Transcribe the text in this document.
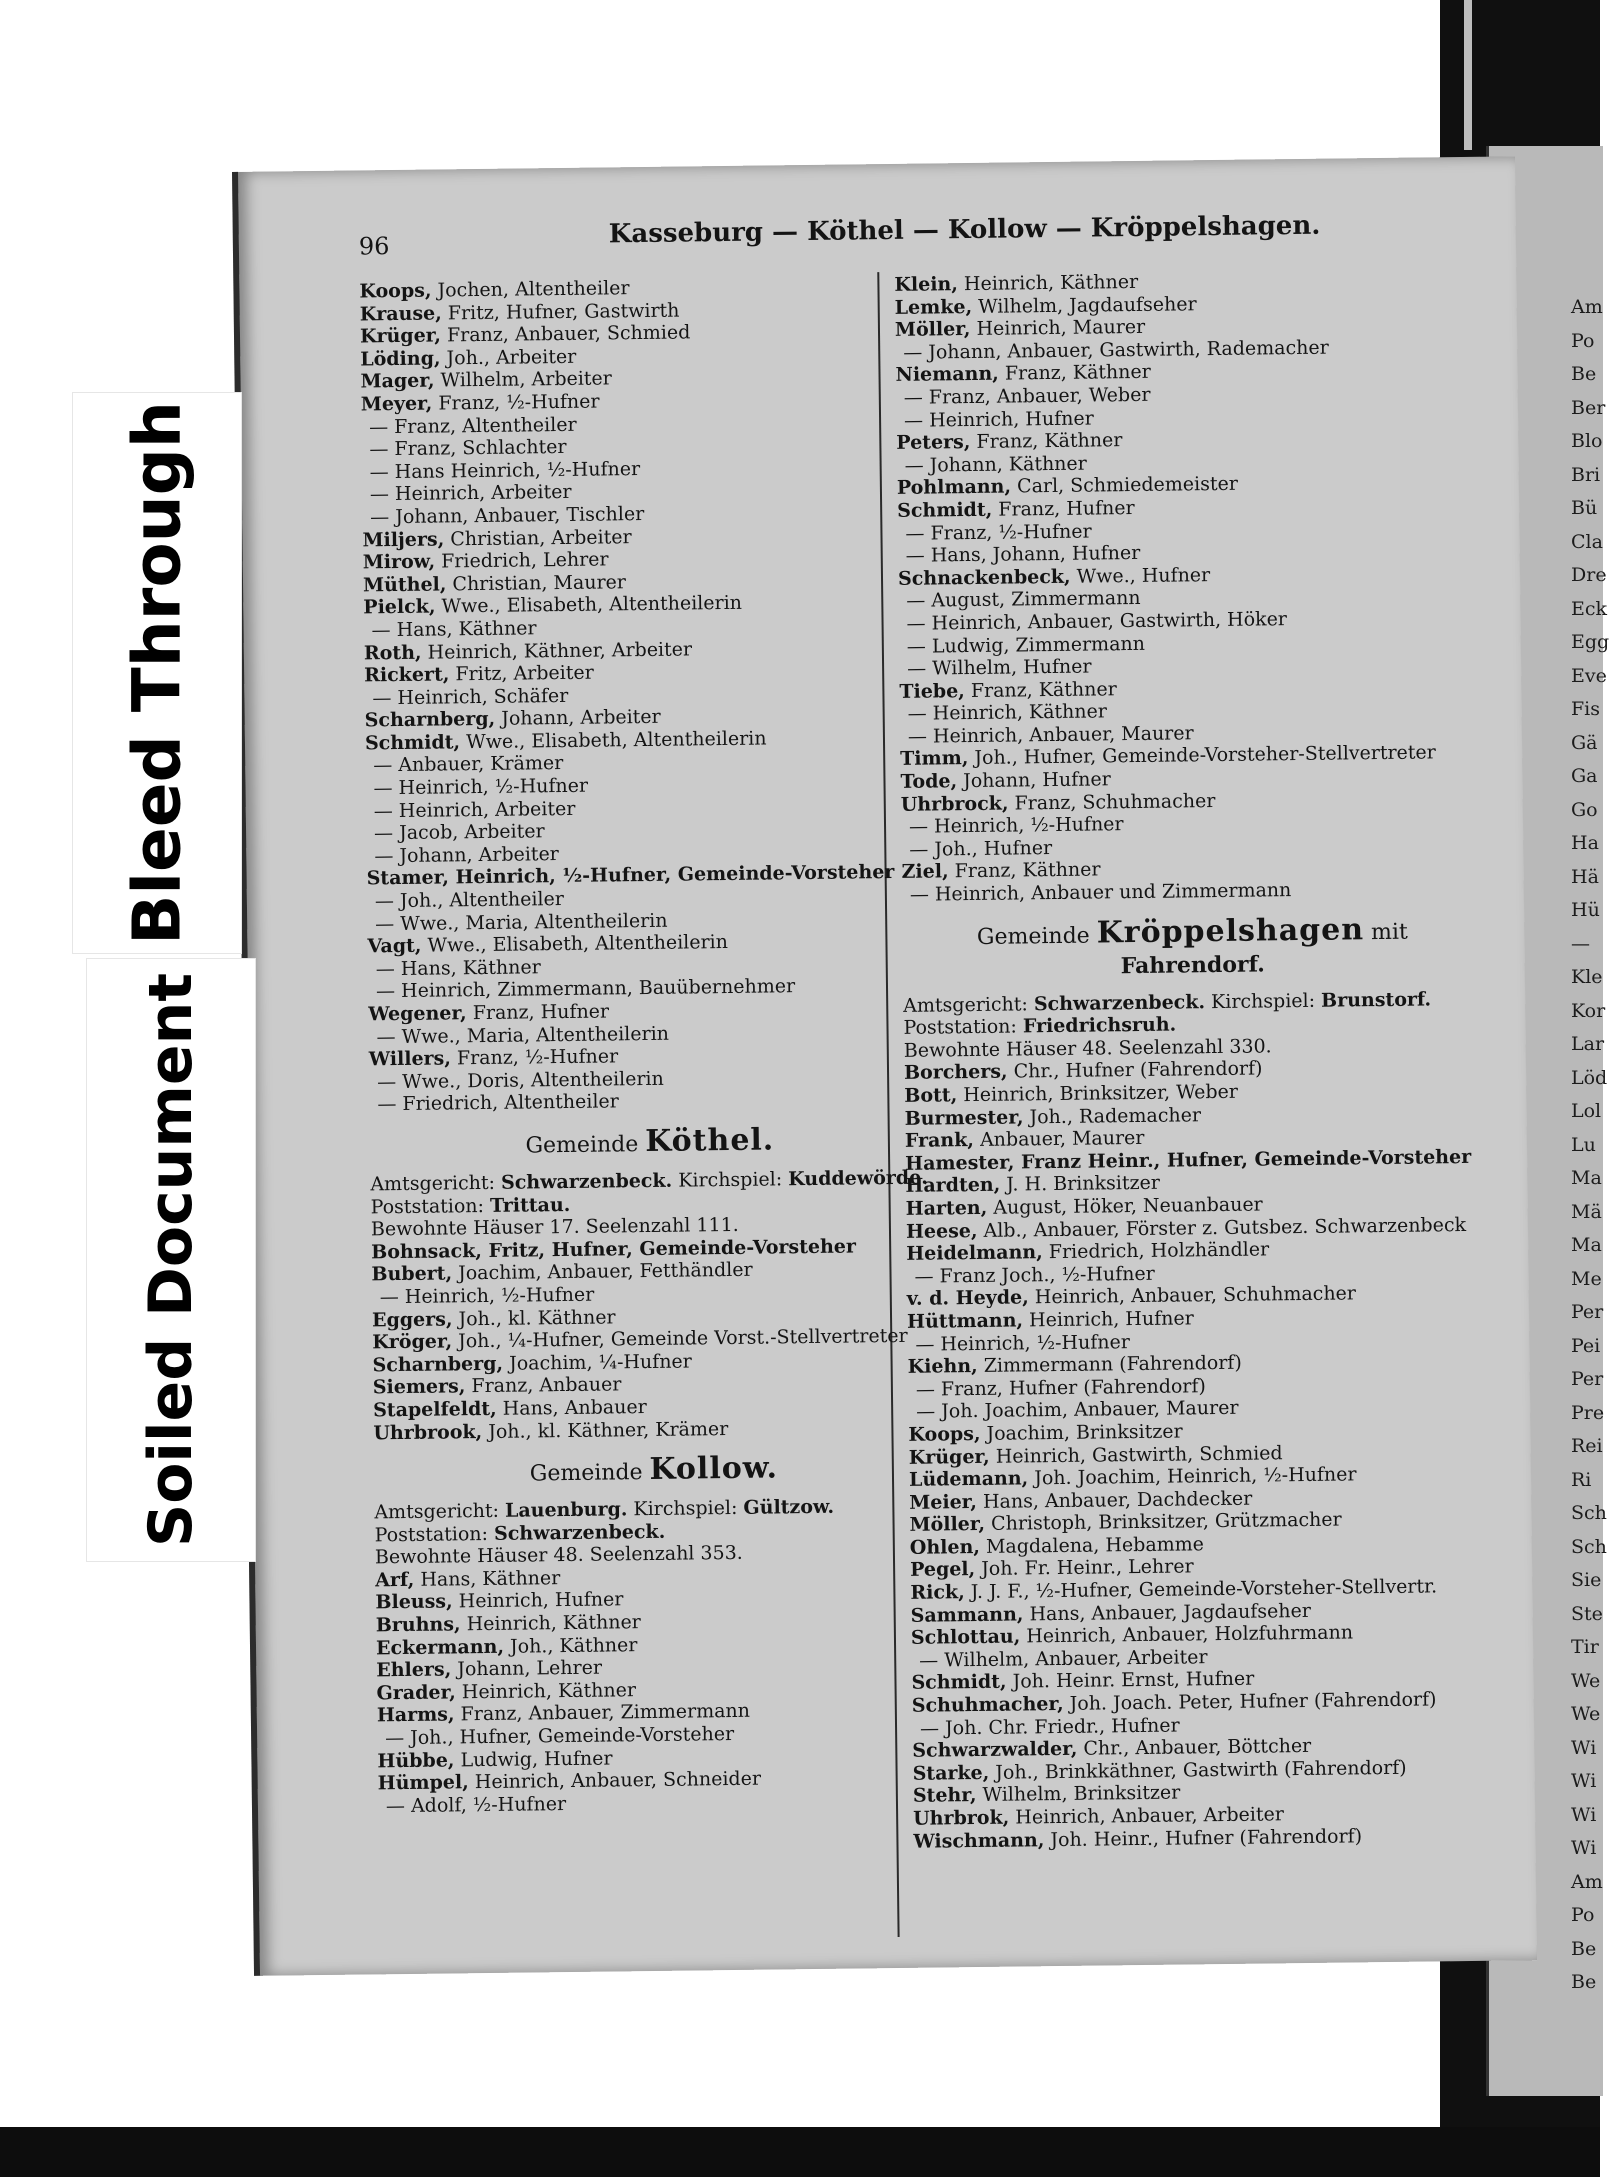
Am
Po
Be
Ber
Blo
Bri
Bü
Cla
Dre
Eck
Egg
Eve
Fis
Gä
Ga
Go
Ha
Hä
Hü
—
Kle
Kor
Lar
Löd
Lol
Lu
Ma
Mä
Ma
Me
Per
Pei
Per
Pre
Rei
Ri
Sch
Sch
Sie
Ste
Tir
We
We
Wi
Wi
Wi
Wi
Am
Po
Be
Be
96	Kasseburg — Köthel — Kollow — Kröppelshagen.
Koops, Jochen, Altentheiler
Krause, Fritz, Hufner, Gastwirth
Krüger, Franz, Anbauer, Schmied
Löding, Joh., Arbeiter
Mager, Wilhelm, Arbeiter
Meyer, Franz, ½-Hufner
— Franz, Altentheiler
— Franz, Schlachter
— Hans Heinrich, ½-Hufner
— Heinrich, Arbeiter
— Johann, Anbauer, Tischler
Miljers, Christian, Arbeiter
Mirow, Friedrich, Lehrer
Müthel, Christian, Maurer
Pielck, Wwe., Elisabeth, Altentheilerin
— Hans, Käthner
Roth, Heinrich, Käthner, Arbeiter
Rickert, Fritz, Arbeiter
— Heinrich, Schäfer
Scharnberg, Johann, Arbeiter
Schmidt, Wwe., Elisabeth, Altentheilerin
— Anbauer, Krämer
— Heinrich, ½-Hufner
— Heinrich, Arbeiter
— Jacob, Arbeiter
— Johann, Arbeiter
Stamer, Heinrich, ½-Hufner, Gemeinde-Vorsteher
— Joh., Altentheiler
— Wwe., Maria, Altentheilerin
Vagt, Wwe., Elisabeth, Altentheilerin
— Hans, Käthner
— Heinrich, Zimmermann, Bauübernehmer
Wegener, Franz, Hufner
— Wwe., Maria, Altentheilerin
Willers, Franz, ½-Hufner
— Wwe., Doris, Altentheilerin
— Friedrich, Altentheiler
Gemeinde Köthel.
Amtsgericht: Schwarzenbeck. Kirchspiel: Kuddewörde.
Poststation: Trittau.
Bewohnte Häuser 17. Seelenzahl 111.
Bohnsack, Fritz, Hufner, Gemeinde-Vorsteher
Bubert, Joachim, Anbauer, Fetthändler
— Heinrich, ½-Hufner
Eggers, Joh., kl. Käthner
Kröger, Joh., ¼-Hufner, Gemeinde Vorst.-Stellvertreter
Scharnberg, Joachim, ¼-Hufner
Siemers, Franz, Anbauer
Stapelfeldt, Hans, Anbauer
Uhrbrook, Joh., kl. Käthner, Krämer
Gemeinde Kollow.
Amtsgericht: Lauenburg. Kirchspiel: Gültzow.
Poststation: Schwarzenbeck.
Bewohnte Häuser 48. Seelenzahl 353.
Arf, Hans, Käthner
Bleuss, Heinrich, Hufner
Bruhns, Heinrich, Käthner
Eckermann, Joh., Käthner
Ehlers, Johann, Lehrer
Grader, Heinrich, Käthner
Harms, Franz, Anbauer, Zimmermann
— Joh., Hufner, Gemeinde-Vorsteher
Hübbe, Ludwig, Hufner
Hümpel, Heinrich, Anbauer, Schneider
— Adolf, ½-Hufner
Klein, Heinrich, Käthner
Lemke, Wilhelm, Jagdaufseher
Möller, Heinrich, Maurer
— Johann, Anbauer, Gastwirth, Rademacher
Niemann, Franz, Käthner
— Franz, Anbauer, Weber
— Heinrich, Hufner
Peters, Franz, Käthner
— Johann, Käthner
Pohlmann, Carl, Schmiedemeister
Schmidt, Franz, Hufner
— Franz, ½-Hufner
— Hans, Johann, Hufner
Schnackenbeck, Wwe., Hufner
— August, Zimmermann
— Heinrich, Anbauer, Gastwirth, Höker
— Ludwig, Zimmermann
— Wilhelm, Hufner
Tiebe, Franz, Käthner
— Heinrich, Käthner
— Heinrich, Anbauer, Maurer
Timm, Joh., Hufner, Gemeinde-Vorsteher-Stellvertreter
Tode, Johann, Hufner
Uhrbrock, Franz, Schuhmacher
— Heinrich, ½-Hufner
— Joh., Hufner
Ziel, Franz, Käthner
— Heinrich, Anbauer und Zimmermann
Gemeinde Kröppelshagen mit Fahrendorf.
Amtsgericht: Schwarzenbeck. Kirchspiel: Brunstorf.
Poststation: Friedrichsruh.
Bewohnte Häuser 48. Seelenzahl 330.
Borchers, Chr., Hufner (Fahrendorf)
Bott, Heinrich, Brinksitzer, Weber
Burmester, Joh., Rademacher
Frank, Anbauer, Maurer
Hamester, Franz Heinr., Hufner, Gemeinde-Vorsteher
Hardten, J. H. Brinksitzer
Harten, August, Höker, Neuanbauer
Heese, Alb., Anbauer, Förster z. Gutsbez. Schwarzenbeck
Heidelmann, Friedrich, Holzhändler
— Franz Joch., ½-Hufner
v. d. Heyde, Heinrich, Anbauer, Schuhmacher
Hüttmann, Heinrich, Hufner
— Heinrich, ½-Hufner
Kiehn, Zimmermann (Fahrendorf)
— Franz, Hufner (Fahrendorf)
— Joh. Joachim, Anbauer, Maurer
Koops, Joachim, Brinksitzer
Krüger, Heinrich, Gastwirth, Schmied
Lüdemann, Joh. Joachim, Heinrich, ½-Hufner
Meier, Hans, Anbauer, Dachdecker
Möller, Christoph, Brinksitzer, Grützmacher
Ohlen, Magdalena, Hebamme
Pegel, Joh. Fr. Heinr., Lehrer
Rick, J. J. F., ½-Hufner, Gemeinde-Vorsteher-Stellvertr.
Sammann, Hans, Anbauer, Jagdaufseher
Schlottau, Heinrich, Anbauer, Holzfuhrmann
— Wilhelm, Anbauer, Arbeiter
Schmidt, Joh. Heinr. Ernst, Hufner
Schuhmacher, Joh. Joach. Peter, Hufner (Fahrendorf)
— Joh. Chr. Friedr., Hufner
Schwarzwalder, Chr., Anbauer, Böttcher
Starke, Joh., Brinkkäthner, Gastwirth (Fahrendorf)
Stehr, Wilhelm, Brinksitzer
Uhrbrok, Heinrich, Anbauer, Arbeiter
Wischmann, Joh. Heinr., Hufner (Fahrendorf)
Bleed Through
Soiled Document
